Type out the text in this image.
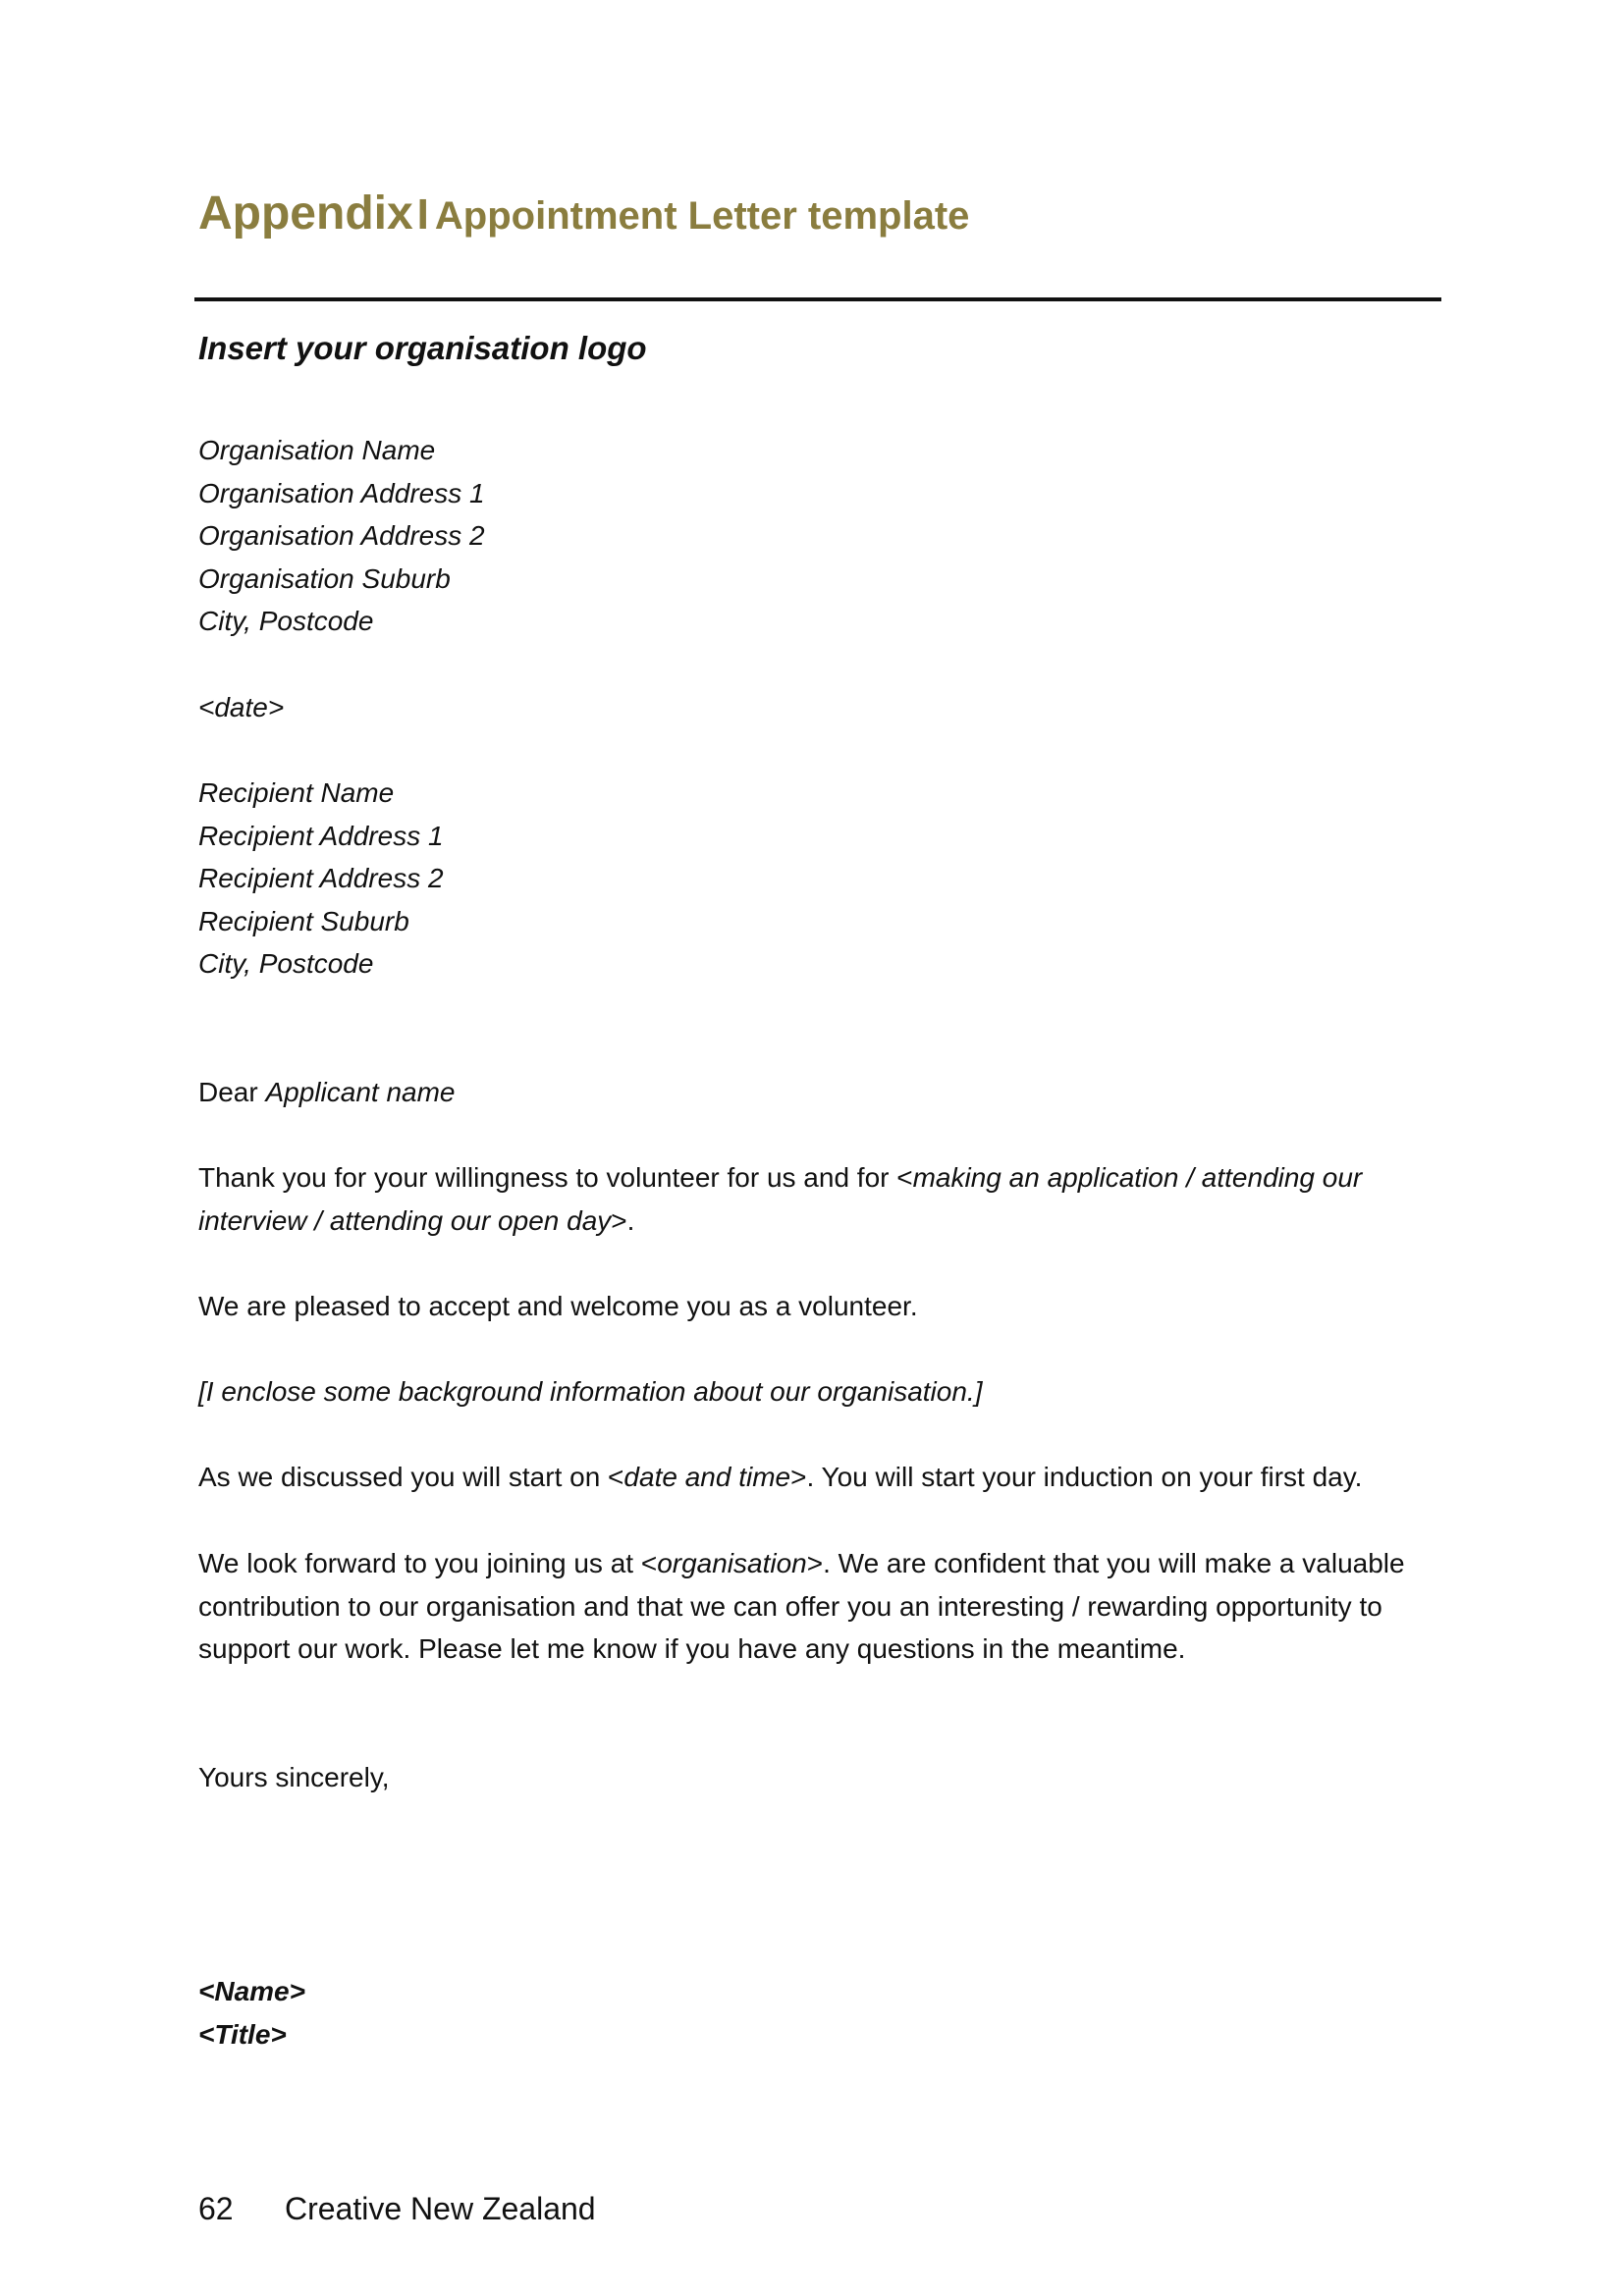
AppendixI Appointment Letter template
Insert your organisation logo
Organisation Name
Organisation Address 1
Organisation Address 2
Organisation Suburb
City, Postcode
<date>
Recipient Name
Recipient Address 1
Recipient Address 2
Recipient Suburb
City, Postcode
Dear Applicant name
Thank you for your willingness to volunteer for us and for <making an application / attending our interview / attending our open day>.
We are pleased to accept and welcome you as a volunteer.
[I enclose some background information about our organisation.]
As we discussed you will start on <date and time>. You will start your induction on your first day.
We look forward to you joining us at <organisation>. We are confident that you will make a valuable contribution to our organisation and that we can offer you an interesting / rewarding opportunity to support our work. Please let me know if you have any questions in the meantime.
Yours sincerely,
<Name>
<Title>
62 Creative New Zealand
